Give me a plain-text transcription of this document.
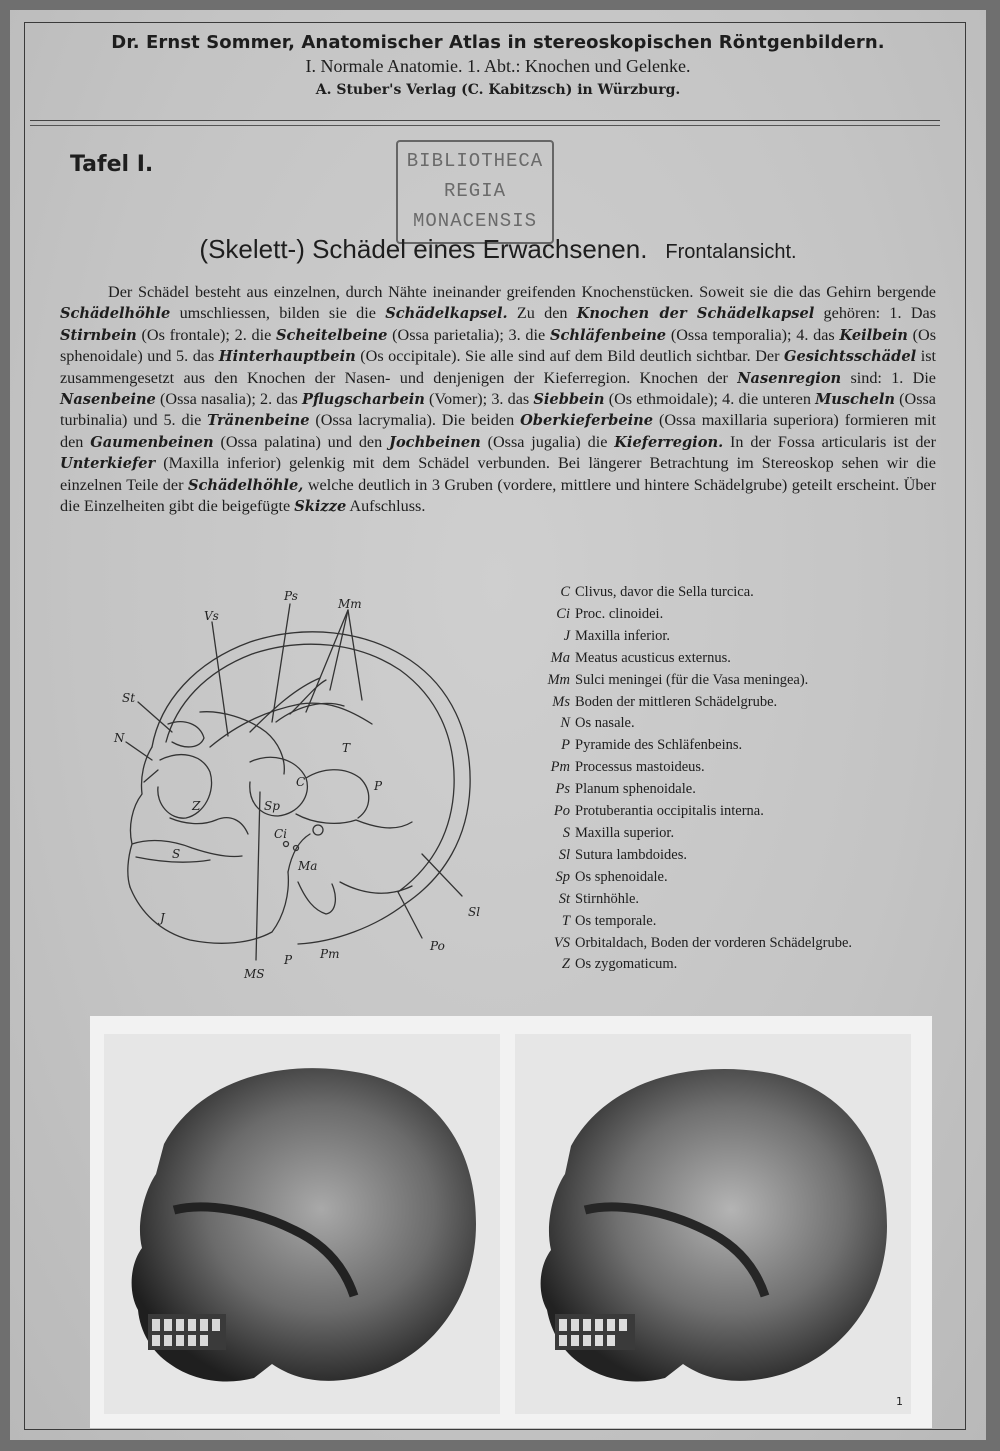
Dr. Ernst Sommer, Anatomischer Atlas in stereoskopischen Röntgenbildern.
I. Normale Anatomie. 1. Abt.: Knochen und Gelenke.
A. Stuber's Verlag (C. Kabitzsch) in Würzburg.
Tafel I.	BIBLIOTHECA
REGIA
MONACENSIS
(Skelett-) Schädel eines Erwachsenen. Frontalansicht.
Der Schädel besteht aus einzelnen, durch Nähte ineinander greifenden Knochenstücken. Soweit sie die das Gehirn bergende Schädelhöhle umschliessen, bilden sie die Schädelkapsel. Zu den Knochen der Schädelkapsel gehören: 1. Das Stirnbein (Os frontale); 2. die Scheitelbeine (Ossa parietalia); 3. die Schläfenbeine (Ossa temporalia); 4. das Keilbein (Os sphenoidale) und 5. das Hinterhauptbein (Os occipitale). Sie alle sind auf dem Bild deutlich sichtbar. Der Gesichtsschädel ist zusammengesetzt aus den Knochen der Nasen- und denjenigen der Kieferregion. Knochen der Nasenregion sind: 1. Die Nasenbeine (Ossa nasalia); 2. das Pflugscharbein (Vomer); 3. das Siebbein (Os ethmoidale); 4. die unteren Muscheln (Ossa turbinalia) und 5. die Tränenbeine (Ossa lacrymalia). Die beiden Oberkieferbeine (Ossa maxillaria superiora) formieren mit den Gaumenbeinen (Ossa palatina) und den Jochbeinen (Ossa jugalia) die Kieferregion. In der Fossa articularis ist der Unterkiefer (Maxilla inferior) gelenkig mit dem Schädel verbunden. Bei längerer Betrachtung im Stereoskop sehen wir die einzelnen Teile der Schädelhöhle, welche deutlich in 3 Gruben (vordere, mittlere und hintere Schädelgrube) geteilt erscheint. Über die Einzelheiten gibt die beigefügte Skizze Aufschluss.
Ps
Mm
Vs
St
N
T
C	P
Z	Sp
Ci
Ma
S
J	Sl
Po
Pm
P
MS
C Clivus, davor die Sella turcica.
Ci Proc. clinoidei.
J Maxilla inferior.
Ma Meatus acusticus externus.
Mm Sulci meningei (für die Vasa meningea).
Ms Boden der mittleren Schädelgrube.
N Os nasale.
P Pyramide des Schläfenbeins.
Pm Processus mastoideus.
Ps Planum sphenoidale.
Po Protuberantia occipitalis interna.
S Maxilla superior.
Sl Sutura lambdoides.
Sp Os sphenoidale.
St Stirnhöhle.
T Os temporale.
VS Orbitaldach, Boden der vorderen Schädelgrube.
Z Os zygomaticum.
1
